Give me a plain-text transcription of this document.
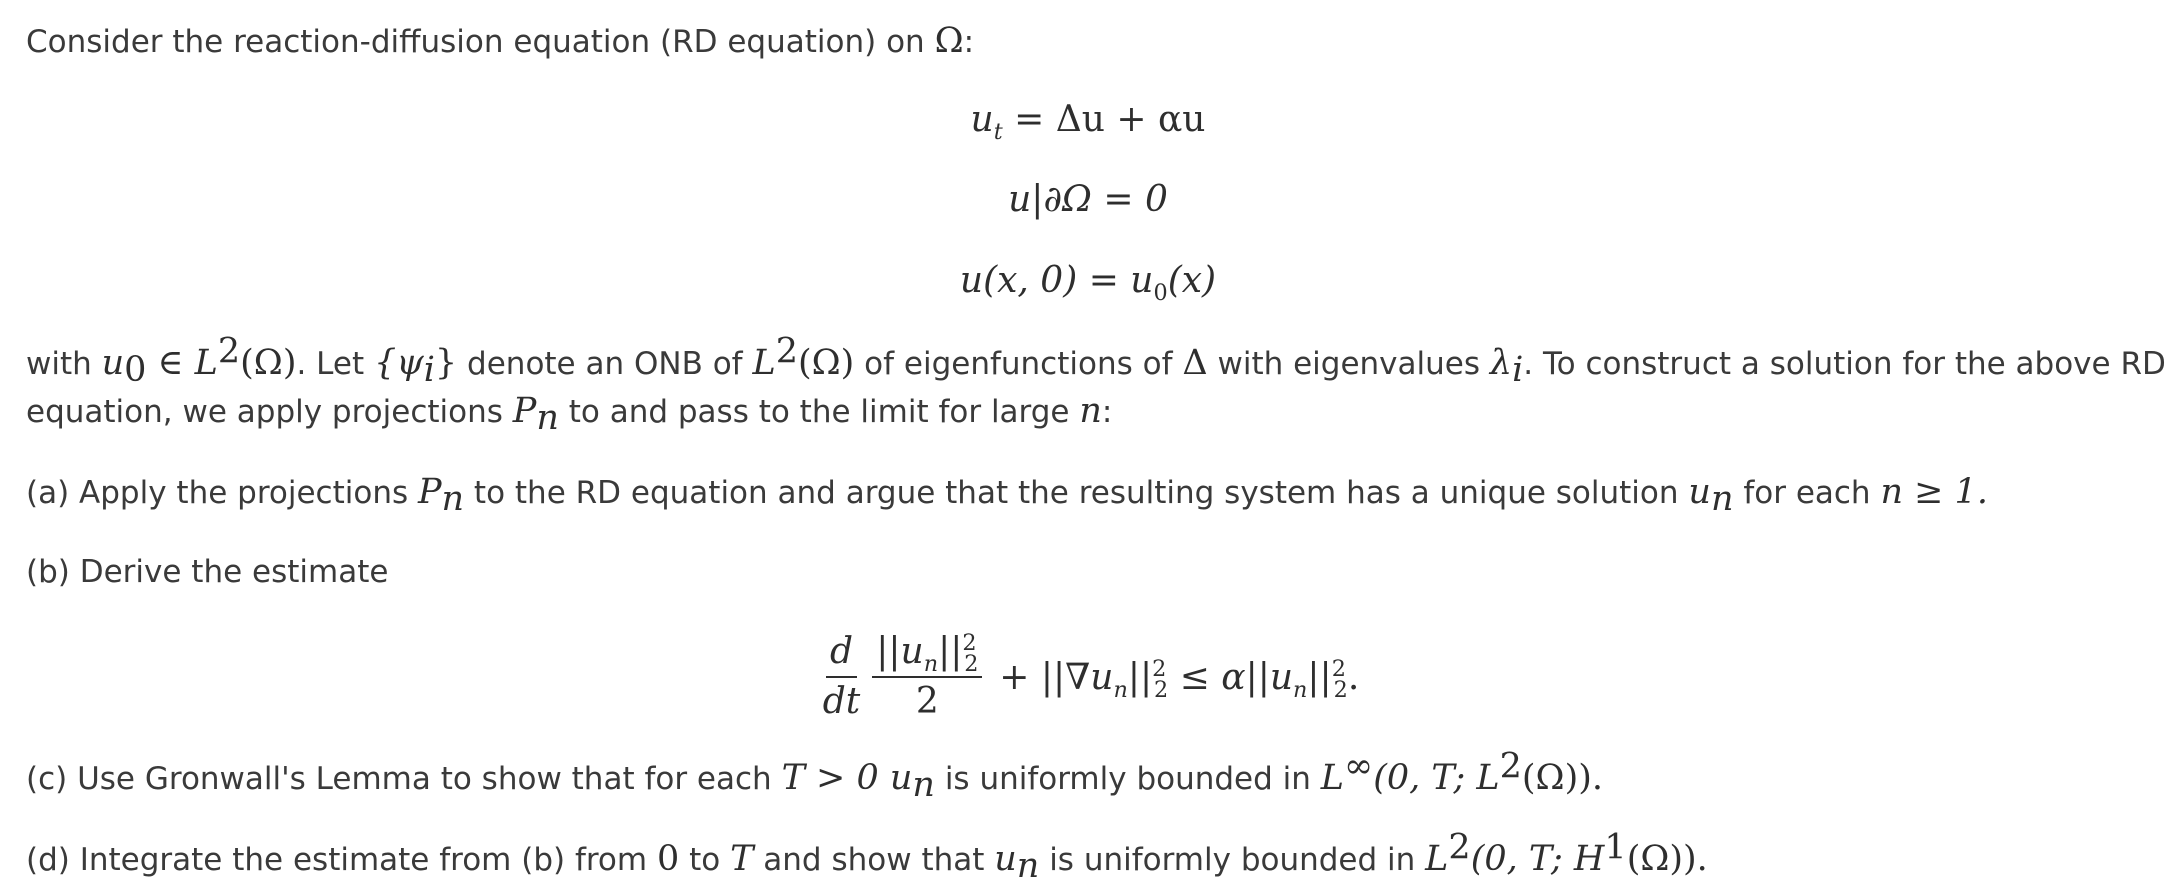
Consider the reaction-diffusion equation (RD equation) on Ω:
$u_t = \Delta u + \alpha u$
u|∂Ω = 0
u(x, $0) = u_0(x)$
with $u_0$ ∈ $L^2(\Omega)$. Let $\{\psi_i\}$ denote an ONB of $L^2(\Omega)$ of eigenfunctions of Δ with eigenvalues $\lambda_i$. To construct a solution for the above RD
equation, we apply projections $P_n$ to and pass to the limit for large n:
(a) Apply the projections $P_n$ to the RD equation and argue that the resulting system has a unique solution $u_n$ for each n ≥ 1.
(b) Derive the estimate
$\frac{d}{dt} \frac{||u_n||^2_2}{2} + ||\nabla u_n||^2_2 \le \alpha||u_n||^2_2$.
(c) Use Gronwall's Lemma to show that for each T > 0 $u_n$ is uniformly bounded in L∞(0, T; $L^2(\Omega)$).
(d) Integrate the estimate from (b) from 0 to T and show that $u_n$ is uniformly bounded in $L^2(0$, T; $H^1(\Omega)$).
